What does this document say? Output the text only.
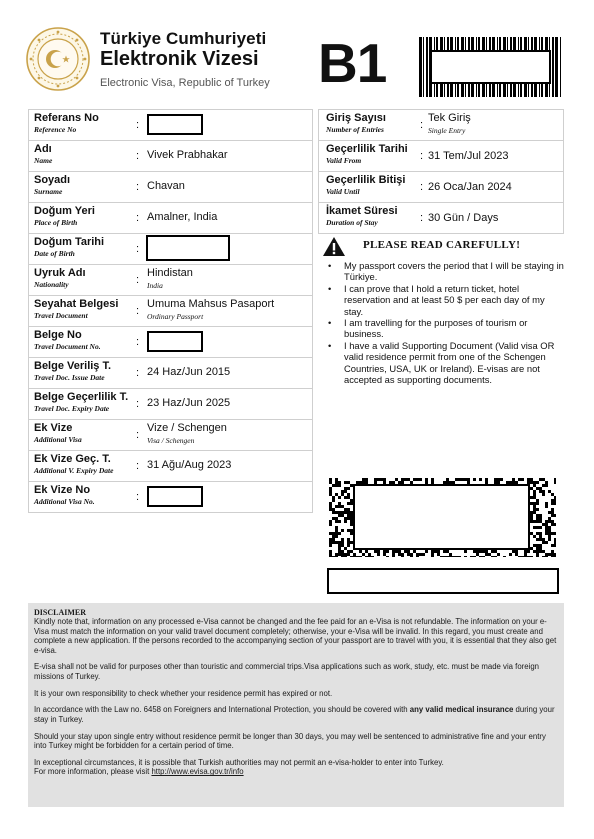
Türkiye Cumhuriyeti
Elektronik Vizesi
Electronic Visa, Republic of Turkey B1
Referans No
Reference No	:
Adı
Name	: Vivek Prabhakar
Soyadı
Surname	: Chavan
Doğum Yeri
Place of Birth	: Amalner, India
Doğum Tarihi
Date of Birth	:
Uyruk Adı
Nationality	:
Hindistan
India
Seyahat Belgesi
Travel Document	:
Umuma Mahsus Pasaport
Ordinary Passport
Belge No
Travel Document No.	:
Belge Veriliş T.
Travel Doc. Issue Date	: 24 Haz/Jun 2015
Belge Geçerlilik T.
Travel Doc. Expiry Date : 23 Haz/Jun 2025
Ek Vize
Additional Visa	:
Vize / Schengen
Visa / Schengen
Ek Vize Geç. T.
Additional V. Expiry Date : 31 Ağu/Aug 2023
Ek Vize No
Additional Visa No.	:
Giriş Sayısı
Number of Entries	:
Tek Giriş
Single Entry
Geçerlilik Tarihi
Valid From	: 31 Tem/Jul 2023
Geçerlilik Bitişi
Valid Until	: 26 Oca/Jan 2024
İkamet Süresi
Duration of Stay	: 30 Gün / Days
PLEASE READ CAREFULLY!
• My passport covers the period that I will be staying in Türkiye.
• I can prove that I hold a return ticket, hotel reservation and at least 50 $ per each day of my stay.
• I am travelling for the purposes of tourism or business.
• I have a valid Supporting Document (Valid visa OR valid residence permit from one of the Schengen Countries, USA, UK or Ireland). E-visas are not accepted as supporting documents.
DISCLAIMER

Kindly note that, information on any processed e-Visa cannot be changed and the fee paid for an e-Visa is not refundable. The information on your e-Visa must match the information on your valid travel document completely; otherwise, your e-Visa will be invalid. In this regard, you must create and complete a new application. If the persons recorded to the accompanying section of your passport are to travel with you, it is essential that they also get e-visa.

E-visa shall not be valid for purposes other than touristic and commercial trips.Visa applications such as work, study, etc. must be made via foreign missions of Turkey.

It is your own responsibility to check whether your residence permit has expired or not.

In accordance with the Law no. 6458 on Foreigners and International Protection, you should be covered with any valid medical insurance during your stay in Turkey.

Should your stay upon single entry without residence permit be longer than 30 days, you may well be sentenced to administrative fine and your entry into Turkey might be forbidden for a certain period of time.

In exceptional circumstances, it is possible that Turkish authorities may not permit an e-visa-holder to enter into Turkey.
For more information, please visit http://www.evisa.gov.tr/info
